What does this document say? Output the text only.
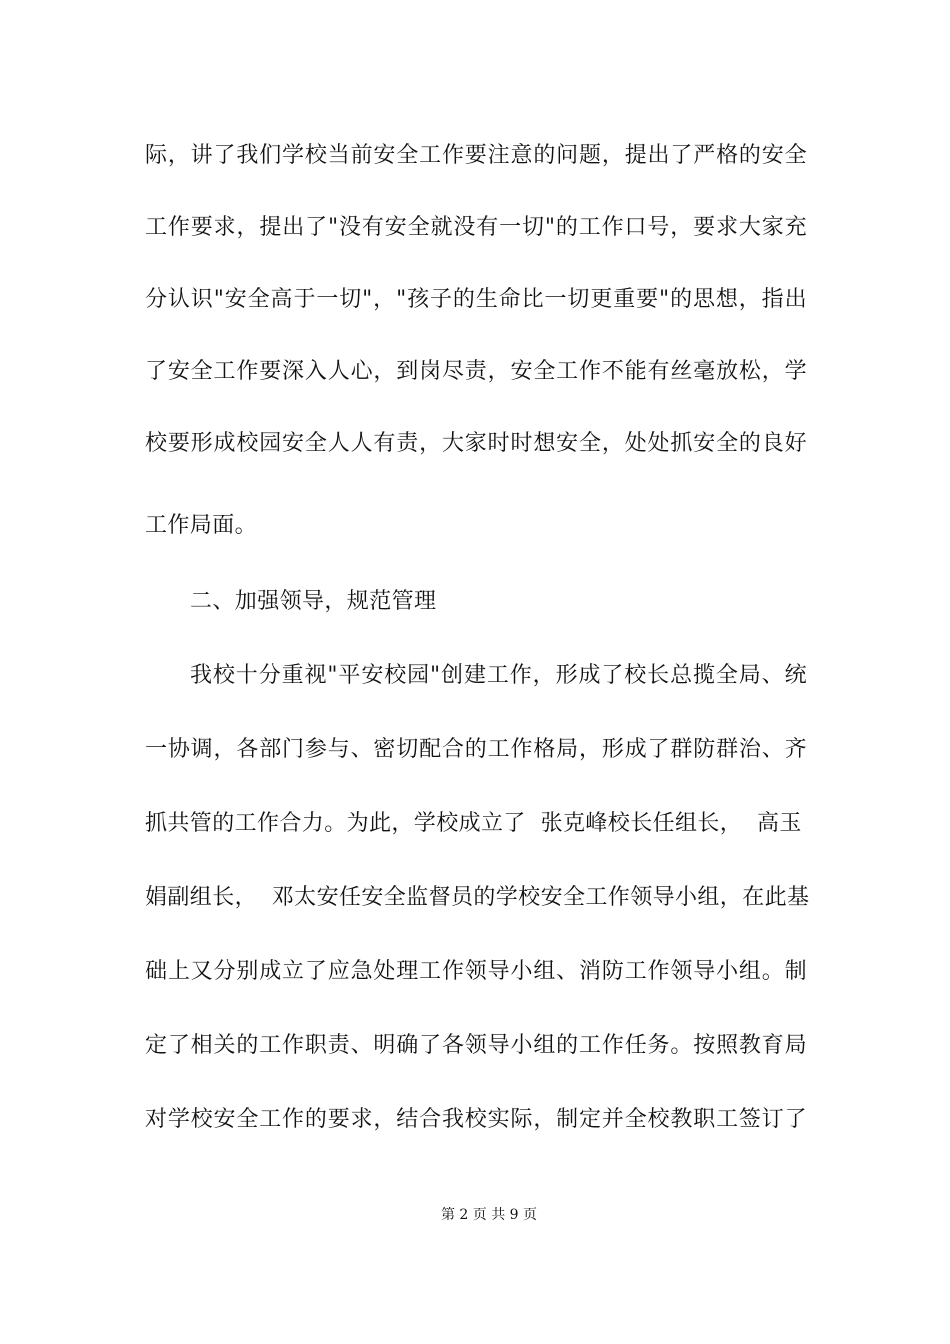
际，讲了我们学校当前安全工作要注意的问题，提出了严格的安全
工作要求，提出了"没有安全就没有一切"的工作口号，要求大家充
分认识"安全高于一切"，"孩子的生命比一切更重要"的思想，指出
了安全工作要深入人心，到岗尽责，安全工作不能有丝毫放松，学
校要形成校园安全人人有责，大家时时想安全，处处抓安全的良好
工作局面。
二、加强领导，规范管理
我校十分重视"平安校园"创建工作，形成了校长总揽全局、统
一协调，各部门参与、密切配合的工作格局，形成了群防群治、齐
抓共管的工作合力。为此，学校成立了  张克峰校长任组长，  高玉
娟副组长，  邓太安任安全监督员的学校安全工作领导小组，在此基
础上又分别成立了应急处理工作领导小组、消防工作领导小组。制
定了相关的工作职责、明确了各领导小组的工作任务。按照教育局
对学校安全工作的要求，结合我校实际，制定并全校教职工签订了
第 2 页 共 9 页
